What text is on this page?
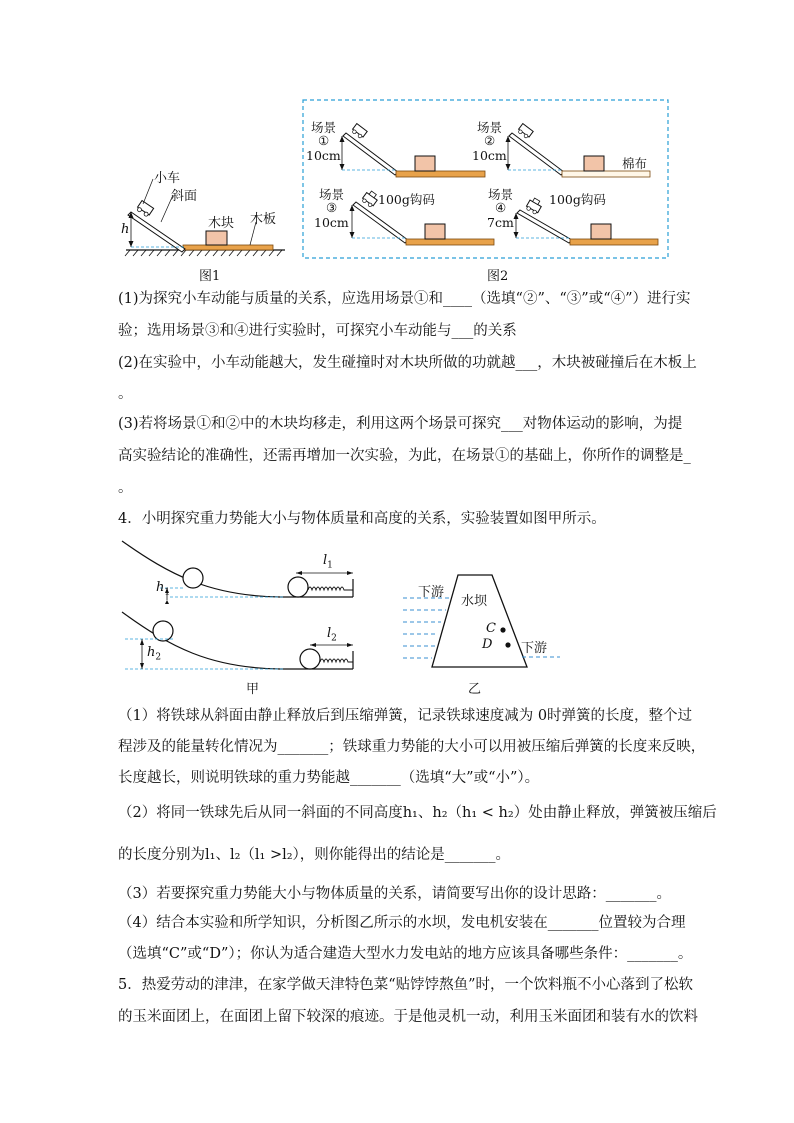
小车
斜面
木块 木板
h
图1
场景
①
10cm
场景
②
10cm
棉布
场景
③
10cm
100g钩码	场景
④
7cm
100g钩码
图2
(1)为探究小车动能与质量的关系，应选用场景①和____（选填“②”、“③”或“④”）进行实
验；选用场景③和④进行实验时，可探究小车动能与___的关系
(2)在实验中，小车动能越大，发生碰撞时对木块所做的功就越___，木块被碰撞后在木板上
。
(3)若将场景①和②中的木块均移走，利用这两个场景可探究___对物体运动的影响，为提
高实验结论的准确性，还需再增加一次实验，为此，在场景①的基础上，你所作的调整是_
。
4．小明探究重力势能大小与物体质量和高度的关系，实验装置如图甲所示。
$h_1$
$h_2$
$l_1$
$l_2$
甲
下游
水坝
C
D 下游
乙
（1）将铁球从斜面由静止释放后到压缩弹簧，记录铁球速度减为 0时弹簧的长度，整个过
程涉及的能量转化情况为_______；铁球重力势能的大小可以用被压缩后弹簧的长度来反映，
长度越长，则说明铁球的重力势能越_______（选填“大”或“小”）。
（2）将同一铁球先后从同一斜面的不同高度h₁、h₂（h₁ < h₂）处由静止释放，弹簧被压缩后
的长度分别为l₁、l₂（l₁ >l₂），则你能得出的结论是_______。
（3）若要探究重力势能大小与物体质量的关系，请简要写出你的设计思路：_______。
（4）结合本实验和所学知识，分析图乙所示的水坝，发电机安装在_______位置较为合理
（选填“C”或“D”）；你认为适合建造大型水力发电站的地方应该具备哪些条件：_______。
5．热爱劳动的津津，在家学做天津特色菜“贴饽饽熬鱼”时，一个饮料瓶不小心落到了松软
的玉米面团上，在面团上留下较深的痕迹。于是他灵机一动，利用玉米面团和装有水的饮料
